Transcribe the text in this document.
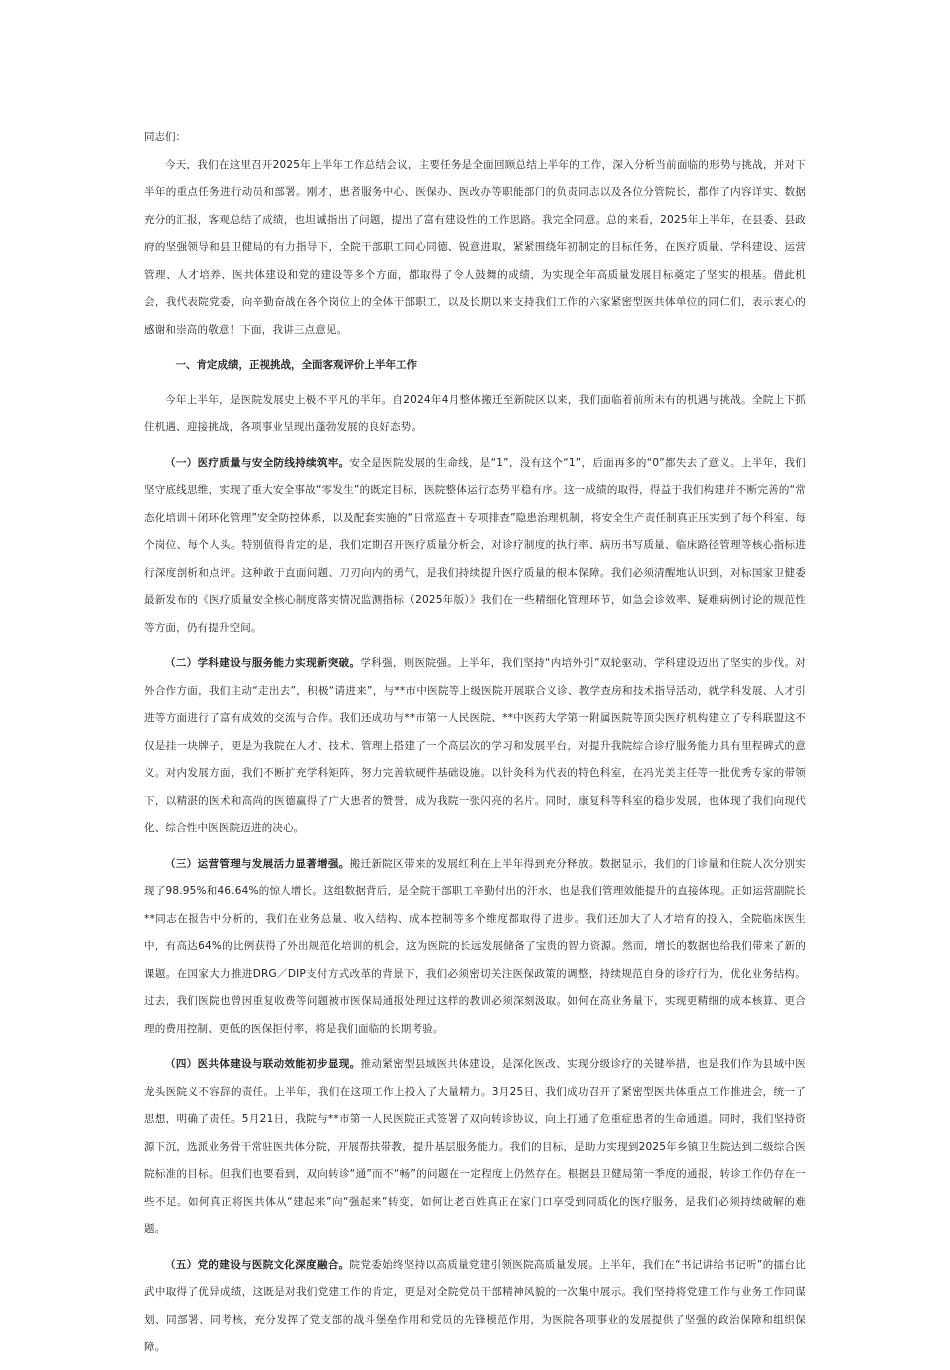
同志们：

今天，我们在这里召开2025年上半年工作总结会议，主要任务是全面回顾总结上半年的工作，深入分析当前面临的形势与挑战，并对下半年的重点任务进行动员和部署。刚才，患者服务中心、医保办、医改办等职能部门的负责同志以及各位分管院长，都作了内容详实、数据充分的汇报，客观总结了成绩，也坦诚指出了问题，提出了富有建设性的工作思路。我完全同意。总的来看，2025年上半年，在县委、县政府的坚强领导和县卫健局的有力指导下，全院干部职工同心同德、锐意进取，紧紧围绕年初制定的目标任务，在医疗质量、学科建设、运营管理、人才培养、医共体建设和党的建设等多个方面，都取得了令人鼓舞的成绩，为实现全年高质量发展目标奠定了坚实的根基。借此机会，我代表院党委，向辛勤奋战在各个岗位上的全体干部职工，以及长期以来支持我们工作的六家紧密型医共体单位的同仁们，表示衷心的感谢和崇高的敬意！下面，我讲三点意见。

一、肯定成绩，正视挑战，全面客观评价上半年工作

今年上半年，是医院发展史上极不平凡的半年。自2024年4月整体搬迁至新院区以来，我们面临着前所未有的机遇与挑战。全院上下抓住机遇、迎接挑战，各项事业呈现出蓬勃发展的良好态势。

（一）医疗质量与安全防线持续筑牢。安全是医院发展的生命线，是“1”，没有这个“1”，后面再多的“0”都失去了意义。上半年，我们坚守底线思维，实现了重大安全事故“零发生”的既定目标，医院整体运行态势平稳有序。这一成绩的取得，得益于我们构建并不断完善的“常态化培训＋闭环化管理”安全防控体系，以及配套实施的“日常巡查＋专项排查”隐患治理机制，将安全生产责任制真正压实到了每个科室、每个岗位、每个人头。特别值得肯定的是，我们定期召开医疗质量分析会，对诊疗制度的执行率、病历书写质量、临床路径管理等核心指标进行深度剖析和点评。这种敢于直面问题、刀刃向内的勇气，是我们持续提升医疗质量的根本保障。我们必须清醒地认识到，对标国家卫健委最新发布的《医疗质量安全核心制度落实情况监测指标（2025年版）》我们在一些精细化管理环节，如急会诊效率、疑难病例讨论的规范性等方面，仍有提升空间。

（二）学科建设与服务能力实现新突破。学科强，则医院强。上半年，我们坚持“内培外引”双轮驱动，学科建设迈出了坚实的步伐。对外合作方面，我们主动“走出去”，积极“请进来”，与**市中医院等上级医院开展联合义诊、教学查房和技术指导活动，就学科发展、人才引进等方面进行了富有成效的交流与合作。我们还成功与**市第一人民医院、**中医药大学第一附属医院等顶尖医疗机构建立了专科联盟这不仅是挂一块牌子，更是为我院在人才、技术、管理上搭建了一个高层次的学习和发展平台，对提升我院综合诊疗服务能力具有里程碑式的意义。对内发展方面，我们不断扩充学科矩阵，努力完善软硬件基础设施。以针灸科为代表的特色科室，在冯光美主任等一批优秀专家的带领下，以精湛的医术和高尚的医德赢得了广大患者的赞誉，成为我院一张闪亮的名片。同时，康复科等科室的稳步发展，也体现了我们向现代化、综合性中医医院迈进的决心。

（三）运营管理与发展活力显著增强。搬迁新院区带来的发展红利在上半年得到充分释放。数据显示，我们的门诊量和住院人次分别实现了98.95%和46.64%的惊人增长。这组数据背后，是全院干部职工辛勤付出的汗水，也是我们管理效能提升的直接体现。正如运营副院长**同志在报告中分析的，我们在业务总量、收入结构、成本控制等多个维度都取得了进步。我们还加大了人才培育的投入，全院临床医生中，有高达64%的比例获得了外出规范化培训的机会，这为医院的长远发展储备了宝贵的智力资源。然而，增长的数据也给我们带来了新的课题。在国家大力推进DRG／DIP支付方式改革的背景下，我们必须密切关注医保政策的调整，持续规范自身的诊疗行为，优化业务结构。过去，我们医院也曾因重复收费等问题被市医保局通报处理过这样的教训必须深刻汲取。如何在高业务量下，实现更精细的成本核算、更合理的费用控制、更低的医保拒付率，将是我们面临的长期考验。

（四）医共体建设与联动效能初步显现。推动紧密型县域医共体建设，是深化医改、实现分级诊疗的关键举措，也是我们作为县域中医龙头医院义不容辞的责任。上半年，我们在这项工作上投入了大量精力。3月25日，我们成功召开了紧密型医共体重点工作推进会，统一了思想，明确了责任。5月21日，我院与**市第一人民医院正式签署了双向转诊协议，向上打通了危重症患者的生命通道。同时，我们坚持资源下沉，选派业务骨干常驻医共体分院，开展帮扶带教，提升基层服务能力。我们的目标，是助力实现到2025年乡镇卫生院达到二级综合医院标准的目标。但我们也要看到，双向转诊“通”而不“畅”的问题在一定程度上仍然存在。根据县卫健局第一季度的通报，转诊工作仍存在一些不足。如何真正将医共体从“建起来”向“强起来”转变，如何让老百姓真正在家门口享受到同质化的医疗服务，是我们必须持续破解的难题。

（五）党的建设与医院文化深度融合。院党委始终坚持以高质量党建引领医院高质量发展。上半年，我们在“书记讲给书记听”的擂台比武中取得了优异成绩，这既是对我们党建工作的肯定，更是对全院党员干部精神风貌的一次集中展示。我们坚持将党建工作与业务工作同谋划、同部署、同考核，充分发挥了党支部的战斗堡垒作用和党员的先锋模范作用，为医院各项事业的发展提供了坚强的政治保障和组织保障。
